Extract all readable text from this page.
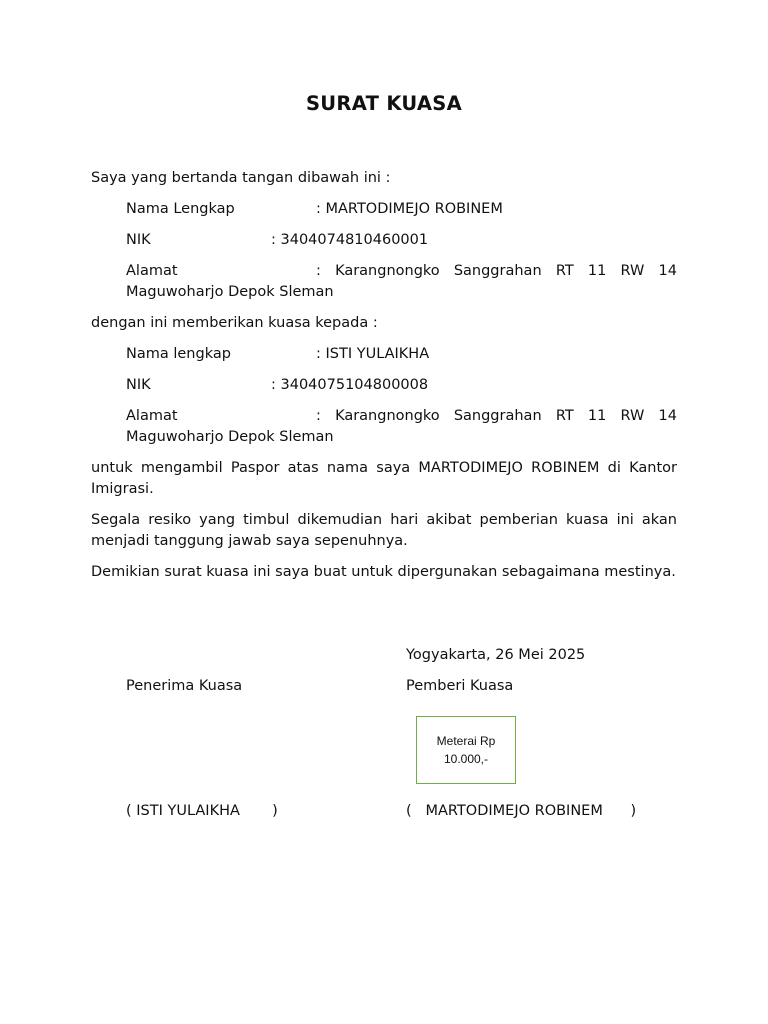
SURAT KUASA
Saya yang bertanda tangan dibawah ini :
Nama Lengkap	: MARTODIMEJO ROBINEM
NIK	: 3404074810460001
Alamat	: Karangnongko Sanggrahan RT 11 RW 14
Maguwoharjo Depok Sleman
dengan ini memberikan kuasa kepada :
Nama lengkap	: ISTI YULAIKHA
NIK	: 3404075104800008
Alamat	: Karangnongko Sanggrahan RT 11 RW 14
Maguwoharjo Depok Sleman
untuk mengambil Paspor atas nama saya MARTODIMEJO ROBINEM di Kantor Imigrasi.
Segala resiko yang timbul dikemudian hari akibat pemberian kuasa ini akan menjadi tanggung jawab saya sepenuhnya.
Demikian surat kuasa ini saya buat untuk dipergunakan sebagaimana mestinya.
Yogyakarta, 26 Mei 2025
Penerima Kuasa	Pemberi Kuasa
Meterai Rp
10.000,-
( ISTI YULAIKHA       )	(   MARTODIMEJO ROBINEM      )
